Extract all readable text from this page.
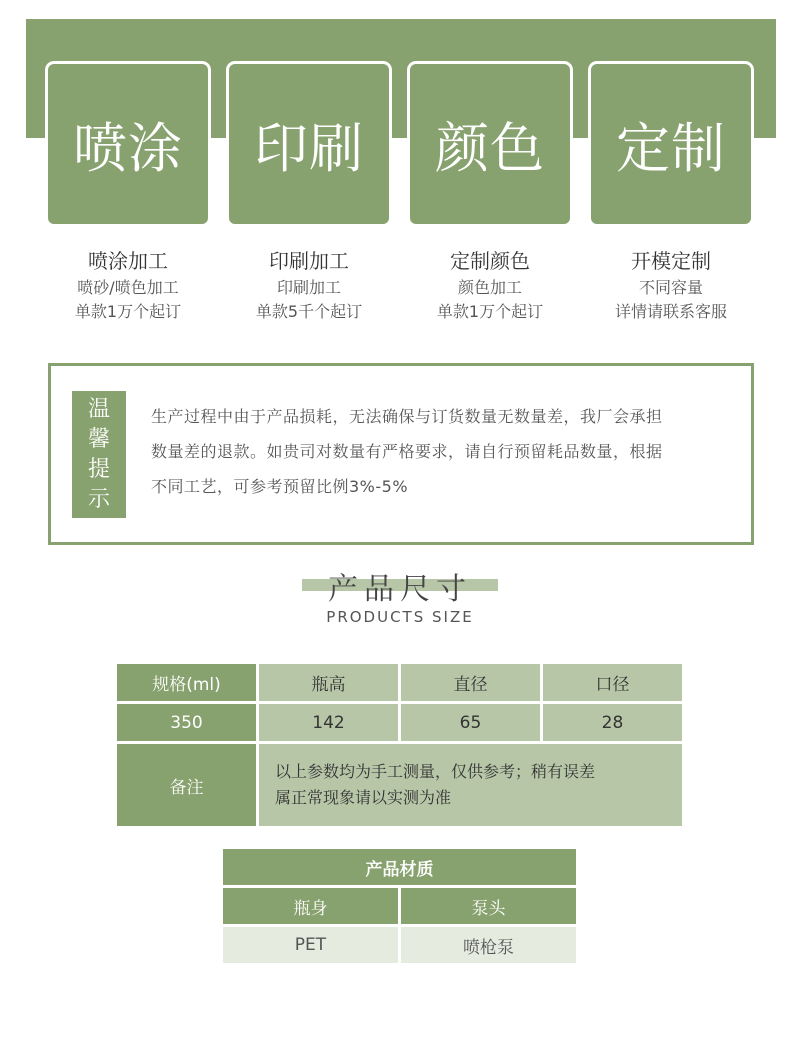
喷涂	印刷	颜色	定制
喷涂加工
喷砂/喷色加工
单款1万个起订
印刷加工
印刷加工
单款5千个起订
定制颜色
颜色加工
单款1万个起订
开模定制
不同容量
详情请联系客服
温
馨
提
示
生产过程中由于产品损耗，无法确保与订货数量无数量差，我厂会承担
数量差的退款。如贵司对数量有严格要求，请自行预留耗品数量，根据
不同工艺，可参考预留比例3%-5%
产品尺寸
PRODUCTS SIZE
规格(ml)	瓶高	直径	口径
350	142	65	28
备注	以上参数均为手工测量，仅供参考；稍有误差
属正常现象请以实测为准		
产品材质	
瓶身	泵头
PET	喷枪泵
